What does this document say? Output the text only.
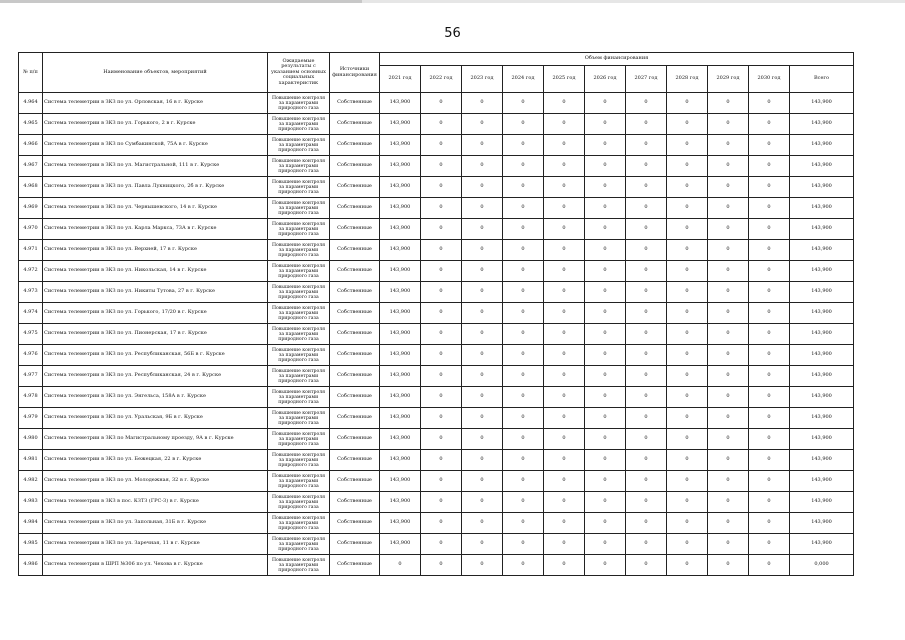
56
№ п/п	Наименование объектов, мероприятий	Ожидаемые результаты с указанием основных социальных характеристик	Источники финансирования	Объем финансирования										
				2021 год	2022 год	2023 год	2024 год	2025 год	2026 год	2027 год	2028 год	2029 год	2030 год	Всего
4.964	Система телеметрии в ЗКЗ по ул. Орловская, 16 в г. Курске	Повышение контроля за параметрами природного газа	Собственные	143,900	0	0	0	0	0	0	0	0	0	143,900
4.965	Система телеметрии в ЗКЗ по ул. Горького, 2 в г. Курске	Повышение контроля за параметрами природного газа	Собственные	143,900	0	0	0	0	0	0	0	0	0	143,900
4.966	Система телеметрии в ЗКЗ по Сумбакинской, 75А в г. Курске	Повышение контроля за параметрами природного газа	Собственные	143,900	0	0	0	0	0	0	0	0	0	143,900
4.967	Система телеметрии в ЗКЗ по ул. Магистральной, 111 в г. Курске	Повышение контроля за параметрами природного газа	Собственные	143,900	0	0	0	0	0	0	0	0	0	143,900
4.968	Система телеметрии в ЗКЗ по ул. Павла Лукницкого, 2б в г. Курске	Повышение контроля за параметрами природного газа	Собственные	143,900	0	0	0	0	0	0	0	0	0	143,900
4.969	Система телеметрии в ЗКЗ по ул. Чернышевского, 14 в г. Курске	Повышение контроля за параметрами природного газа	Собственные	143,900	0	0	0	0	0	0	0	0	0	143,900
4.970	Система телеметрии в ЗКЗ по ул. Карла Маркса, 73А в г. Курске	Повышение контроля за параметрами природного газа	Собственные	143,900	0	0	0	0	0	0	0	0	0	143,900
4.971	Система телеметрии в ЗКЗ по ул. Верхней, 17 в г. Курске	Повышение контроля за параметрами природного газа	Собственные	143,900	0	0	0	0	0	0	0	0	0	143,900
4.972	Система телеметрии в ЗКЗ по ул. Никольская, 14 в г. Курске	Повышение контроля за параметрами природного газа	Собственные	143,900	0	0	0	0	0	0	0	0	0	143,900
4.973	Система телеметрии в ЗКЗ по ул. Никиты Тутова, 27 в г. Курске	Повышение контроля за параметрами природного газа	Собственные	143,900	0	0	0	0	0	0	0	0	0	143,900
4.974	Система телеметрии в ЗКЗ по ул. Горького, 17/20 в г. Курске	Повышение контроля за параметрами природного газа	Собственные	143,900	0	0	0	0	0	0	0	0	0	143,900
4.975	Система телеметрии в ЗКЗ по ул. Пионерская, 17 в г. Курске	Повышение контроля за параметрами природного газа	Собственные	143,900	0	0	0	0	0	0	0	0	0	143,900
4.976	Система телеметрии в ЗКЗ по ул. Республиканская, 56Б в г. Курске	Повышение контроля за параметрами природного газа	Собственные	143,900	0	0	0	0	0	0	0	0	0	143,900
4.977	Система телеметрии в ЗКЗ по ул. Республиканская, 24 в г. Курске	Повышение контроля за параметрами природного газа	Собственные	143,900	0	0	0	0	0	0	0	0	0	143,900
4.978	Система телеметрии в ЗКЗ по ул. Энгельса, 158А в г. Курске	Повышение контроля за параметрами природного газа	Собственные	143,900	0	0	0	0	0	0	0	0	0	143,900
4.979	Система телеметрии в ЗКЗ по ул. Уральская, 9Б в г. Курске	Повышение контроля за параметрами природного газа	Собственные	143,900	0	0	0	0	0	0	0	0	0	143,900
4.980	Система телеметрии в ЗКЗ по Магистральному проезду, 9А в г. Курске	Повышение контроля за параметрами природного газа	Собственные	143,900	0	0	0	0	0	0	0	0	0	143,900
4.981	Система телеметрии в ЗКЗ по ул. Бежецкая, 22 в г. Курске	Повышение контроля за параметрами природного газа	Собственные	143,900	0	0	0	0	0	0	0	0	0	143,900
4.982	Система телеметрии в ЗКЗ по ул. Молодежная, 32 в г. Курске	Повышение контроля за параметрами природного газа	Собственные	143,900	0	0	0	0	0	0	0	0	0	143,900
4.983	Система телеметрии в ЗКЗ в пос. КЗТЗ (ГРС-3) в г. Курске	Повышение контроля за параметрами природного газа	Собственные	143,900	0	0	0	0	0	0	0	0	0	143,900
4.984	Система телеметрии в ЗКЗ по ул. Запольная, 31Б в г. Курске	Повышение контроля за параметрами природного газа	Собственные	143,900	0	0	0	0	0	0	0	0	0	143,900
4.985	Система телеметрии в ЗКЗ по ул. Заречная, 11 в г. Курске	Повышение контроля за параметрами природного газа	Собственные	143,900	0	0	0	0	0	0	0	0	0	143,900
4.986	Система телеметрии в ШРП №306 по ул. Чехова в г. Курске	Повышение контроля за параметрами природного газа	Собственные	0	0	0	0	0	0	0	0	0	0	0,000
